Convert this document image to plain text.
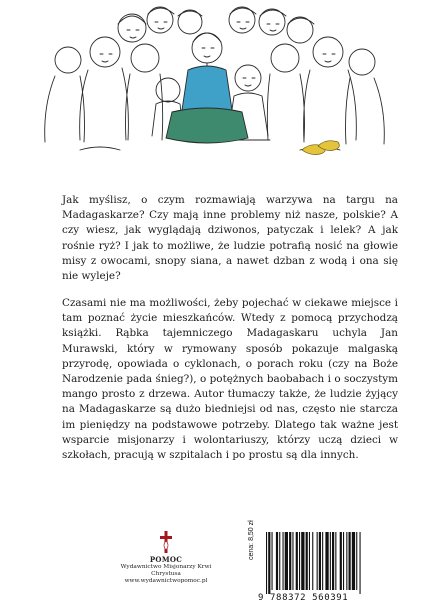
Jak myślisz, o czym rozmawiają warzywa na targu na Madagaskarze? Czy mają inne problemy niż nasze, polskie? A czy wiesz, jak wyglądają dziwonos, patyczak i lelek? A jak rośnie ryż? I jak to możliwe, że ludzie potrafią nosić na głowie misy z owocami, snopy siana, a nawet dzban z wodą i ona się nie wyleje?

Czasami nie ma możliwości, żeby pojechać w ciekawe miejsce i tam poznać życie mieszkańców. Wtedy z pomocą przychodzą książki. Rąbka tajemniczego Madagaskaru uchyla Jan Murawski, który w rymowany sposób pokazuje malgaską przyrodę, opowiada o cyklonach, o porach roku (czy na Boże Narodzenie pada śnieg?), o potężnych baobabach i o soczystym mango prosto z drzewa. Autor tłumaczy także, że ludzie żyjący na Madagaskarze są dużo biedniejsi od nas, często nie starcza im pieniędzy na podstawowe potrzeby. Dlatego tak ważne jest wsparcie misjonarzy i wolontariuszy, którzy uczą dzieci w szkołach, pracują w szpitalach i po prostu są dla innych.

POMOC
Wydawnictwo Misjonarzy Krwi Chrystusa
www.wydawnictwopomoc.pl
cena: 8,50 zł
9 788372 560391
